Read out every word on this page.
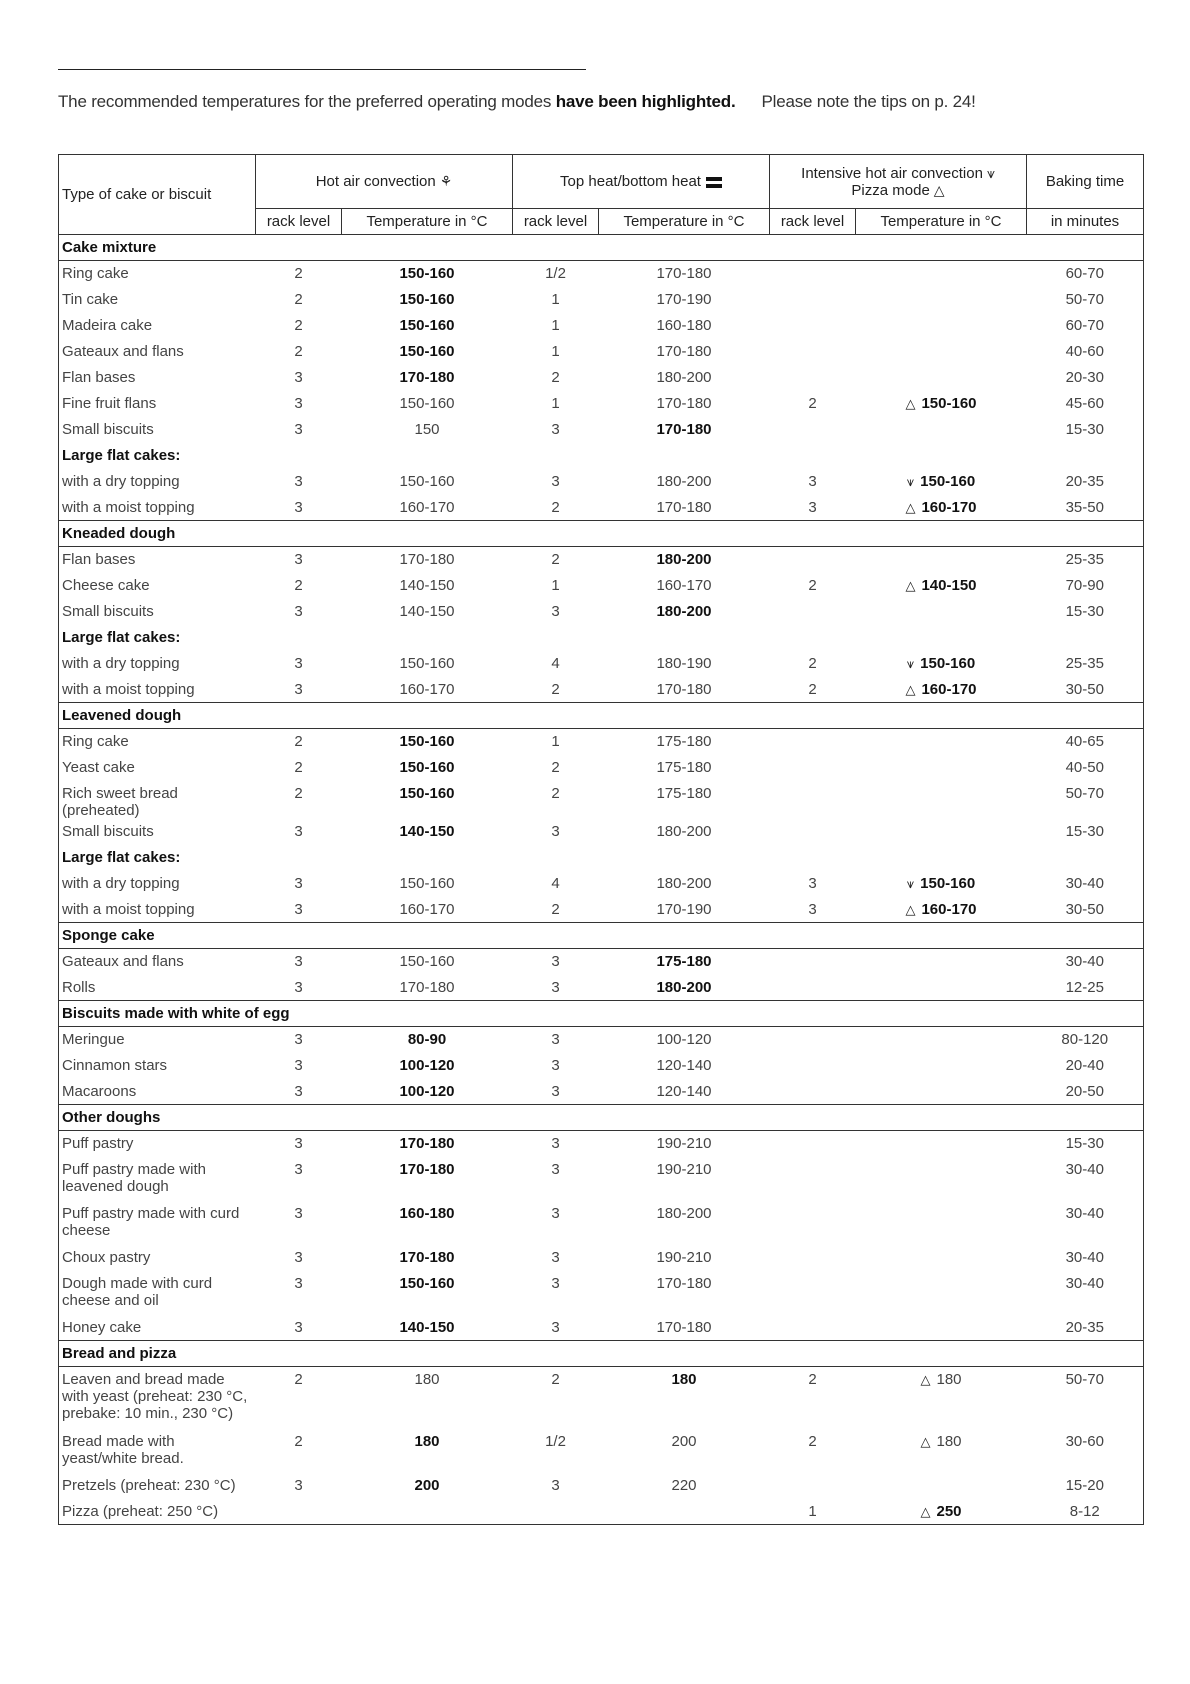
The recommended temperatures for the preferred operating modes have been highlighted. Please note the tips on p. 24!
Type of cake or biscuit	Hot air convection ⚘		Top heat/bottom heat		Intensive hot air convection ⩛
Pizza mode △		Baking time
	rack level	Temperature in °C	rack level	Temperature in °C	rack level	Temperature in °C	in minutes
Cake mixture							
Ring cake	2	150-160	1/2	170-180			60-70
Tin cake	2	150-160	1	170-190			50-70
Madeira cake	2	150-160	1	160-180			60-70
Gateaux and flans	2	150-160	1	170-180			40-60
Flan bases	3	170-180	2	180-200			20-30
Fine fruit flans	3	150-160	1	170-180	2	△ 150-160	45-60
Small biscuits	3	150	3	170-180			15-30
Large flat cakes:							
with a dry topping	3	150-160	3	180-200	3	⩛ 150-160	20-35
with a moist topping	3	160-170	2	170-180	3	△ 160-170	35-50
Kneaded dough							
Flan bases	3	170-180	2	180-200			25-35
Cheese cake	2	140-150	1	160-170	2	△ 140-150	70-90
Small biscuits	3	140-150	3	180-200			15-30
Large flat cakes:							
with a dry topping	3	150-160	4	180-190	2	⩛ 150-160	25-35
with a moist topping	3	160-170	2	170-180	2	△ 160-170	30-50
Leavened dough							
Ring cake	2	150-160	1	175-180			40-65
Yeast cake	2	150-160	2	175-180			40-50
Rich sweet bread (preheated)	2	150-160	2	175-180			50-70
Small biscuits	3	140-150	3	180-200			15-30
Large flat cakes:							
with a dry topping	3	150-160	4	180-200	3	⩛ 150-160	30-40
with a moist topping	3	160-170	2	170-190	3	△ 160-170	30-50
Sponge cake							
Gateaux and flans	3	150-160	3	175-180			30-40
Rolls	3	170-180	3	180-200			12-25
Biscuits made with white of egg							
Meringue	3	80-90	3	100-120			80-120
Cinnamon stars	3	100-120	3	120-140			20-40
Macaroons	3	100-120	3	120-140			20-50
Other doughs							
Puff pastry	3	170-180	3	190-210			15-30
Puff pastry made with leavened dough	3	170-180	3	190-210			30-40
Puff pastry made with curd cheese	3	160-180	3	180-200			30-40
Choux pastry	3	170-180	3	190-210			30-40
Dough made with curd cheese and oil	3	150-160	3	170-180			30-40
Honey cake	3	140-150	3	170-180			20-35
Bread and pizza							
Leaven and bread made with yeast (preheat: 230 °C, prebake: 10 min., 230 °C)	2	180	2	180	2	△ 180	50-70
Bread made with yeast/white bread.	2	180	1/2	200	2	△ 180	30-60
Pretzels (preheat: 230 °C)	3	200	3	220			15-20
Pizza (preheat: 250 °C)					1	△ 250	8-12
